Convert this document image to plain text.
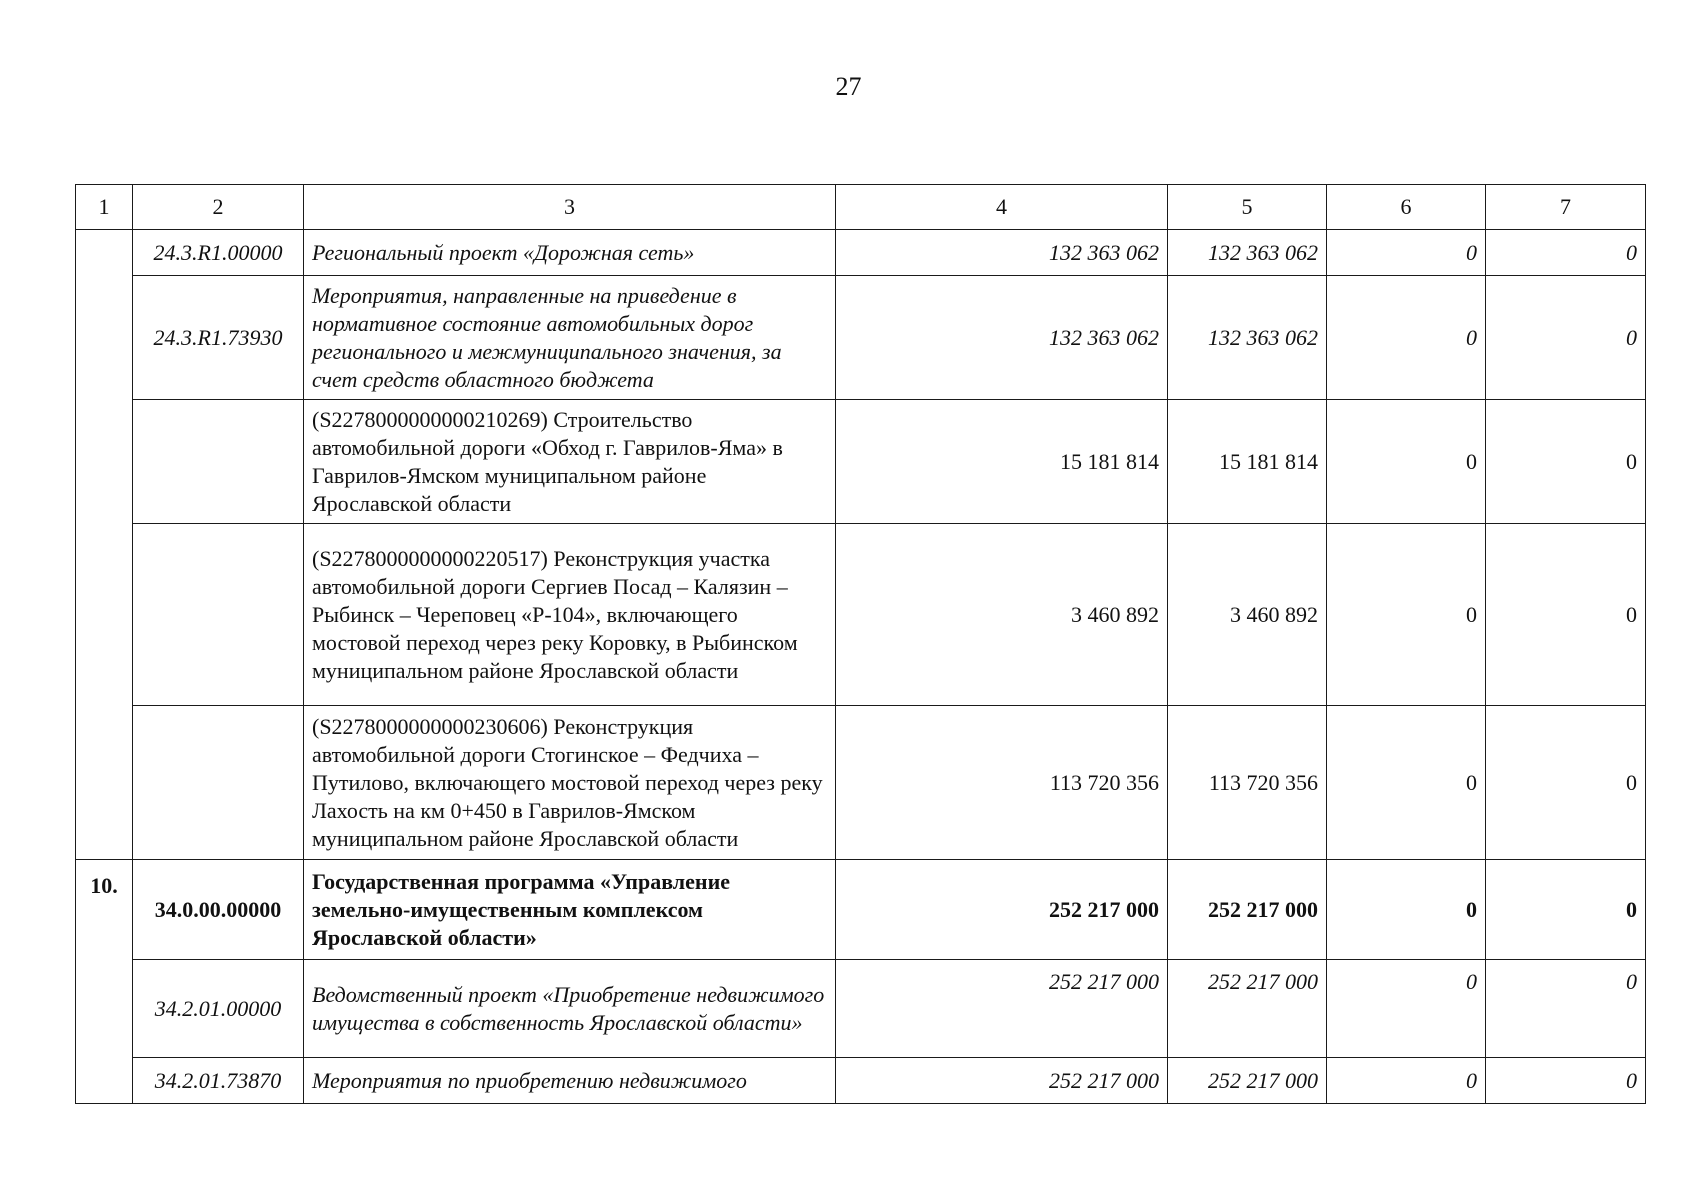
27
1	2	3	4	5	6	7
	24.3.R1.00000	Региональный проект «Дорожная сеть»	132 363 062	132 363 062	0	0
	24.3.R1.73930	Мероприятия, направленные на приведение в нормативное состояние автомобильных дорог регионального и межмуниципального значения, за счет средств областного бюджета	132 363 062	132 363 062	0	0
		(S2278000000000210269) Строительство автомобильной дороги «Обход г. Гаврилов-Яма» в Гаврилов-Ямском муниципальном районе Ярославской области	15 181 814	15 181 814	0	0
		(S2278000000000220517) Реконструкция участка автомобильной дороги Сергиев Посад – Калязин – Рыбинск – Череповец «Р-104», включающего мостовой переход через реку Коровку, в Рыбинском муниципальном районе Ярославской области	3 460 892	3 460 892	0	0
		(S2278000000000230606) Реконструкция автомобильной дороги Стогинское – Федчиха – Путилово, включающего мостовой переход через реку Лахость на км 0+450 в Гаврилов-Ямском муниципальном районе Ярославской области	113 720 356	113 720 356	0	0
10.	34.0.00.00000	Государственная программа «Управление земельно-имущественным комплексом Ярославской области»	252 217 000	252 217 000	0	0
	34.2.01.00000	Ведомственный проект «Приобретение недвижимого имущества в собственность Ярославской области»	252 217 000	252 217 000	0	0
	34.2.01.73870	Мероприятия по приобретению недвижимого	252 217 000	252 217 000	0	0
